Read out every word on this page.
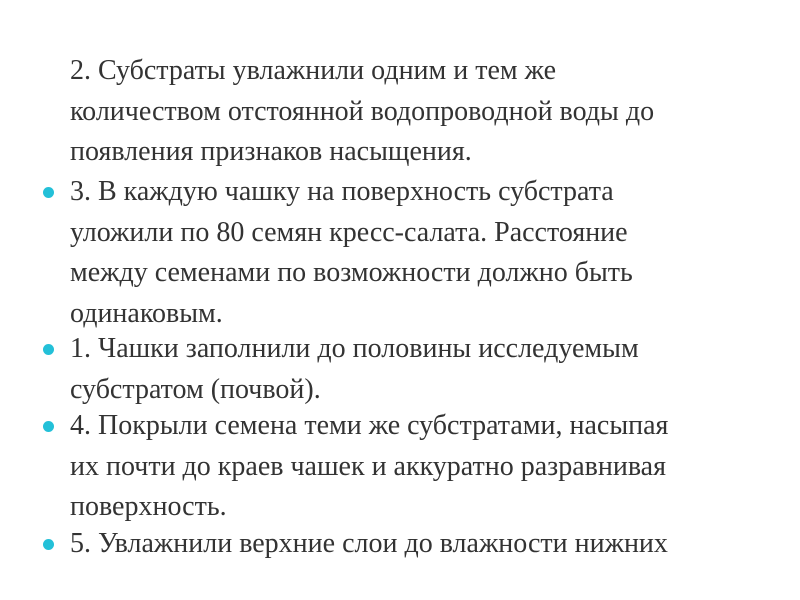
2. Субстраты увлажнили одним и тем же
количеством отстоянной водопроводной воды до
появления признаков насыщения.
3. В каждую чашку на поверхность субстрата
уложили по 80 семян кресс-салата. Расстояние
между семенами по возможности должно быть
одинаковым.
1. Чашки заполнили до половины исследуемым
субстратом (почвой).
4. Покрыли семена теми же субстратами, насыпая
их почти до краев чашек и аккуратно разравнивая
поверхность.
5. Увлажнили верхние слои до влажности нижних
